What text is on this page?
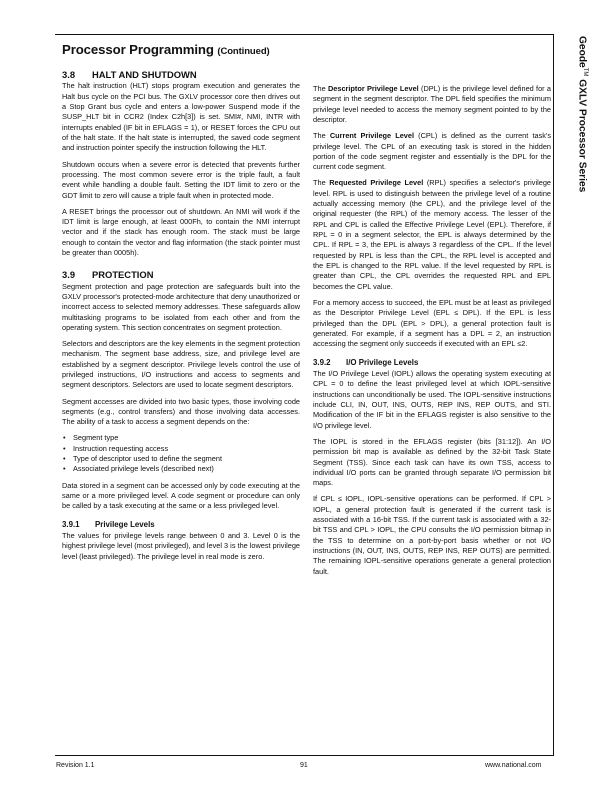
Processor Programming (Continued)	Geode™ GXLV Processor Series
3.8 HALT AND SHUTDOWN

The halt instruction (HLT) stops program execution and generates the Halt bus cycle on the PCI bus. The GXLV processor core then drives out a Stop Grant bus cycle and enters a low-power Suspend mode if the SUSP_HLT bit in CCR2 (Index C2h[3]) is set. SMI#, NMI, INTR with interrupts enabled (IF bit in EFLAGS = 1), or RESET forces the CPU out of the halt state. If the halt state is interrupted, the saved code segment and instruction pointer specify the instruction following the HLT.

Shutdown occurs when a severe error is detected that prevents further processing. The most common severe error is the triple fault, a fault event while handling a double fault. Setting the IDT limit to zero or the GDT limit to zero will cause a triple fault when in protected mode.

A RESET brings the processor out of shutdown. An NMI will work if the IDT limit is large enough, at least 000Fh, to contain the NMI interrupt vector and if the stack has enough room. The stack must be large enough to contain the vector and flag information (the stack pointer must be greater than 0005h).

3.9 PROTECTION

Segment protection and page protection are safeguards built into the GXLV processor's protected-mode architecture that deny unauthorized or incorrect access to selected memory addresses. These safeguards allow multitasking programs to be isolated from each other and from the operating system. This section concentrates on segment protection.

Selectors and descriptors are the key elements in the segment protection mechanism. The segment base address, size, and privilege level are established by a segment descriptor. Privilege levels control the use of privileged instructions, I/O instructions and access to segments and segment descriptors. Selectors are used to locate segment descriptors.

Segment accesses are divided into two basic types, those involving code segments (e.g., control transfers) and those involving data accesses. The ability of a task to access a segment depends on the:

• Segment type
• Instruction requesting access
• Type of descriptor used to define the segment
• Associated privilege levels (described next)

Data stored in a segment can be accessed only by code executing at the same or a more privileged level. A code segment or procedure can only be called by a task executing at the same or a less privileged level.

3.9.1 Privilege Levels

The values for privilege levels range between 0 and 3. Level 0 is the highest privilege level (most privileged), and level 3 is the lowest privilege level (least privileged). The privilege level in real mode is zero.

The Descriptor Privilege Level (DPL) is the privilege level defined for a segment in the segment descriptor. The DPL field specifies the minimum privilege level needed to access the memory segment pointed to by the descriptor.

The Current Privilege Level (CPL) is defined as the current task's privilege level. The CPL of an executing task is stored in the hidden portion of the code segment register and essentially is the DPL for the current code segment.

The Requested Privilege Level (RPL) specifies a selector's privilege level. RPL is used to distinguish between the privilege level of a routine actually accessing memory (the CPL), and the privilege level of the original requester (the RPL) of the memory access. The lesser of the RPL and CPL is called the Effective Privilege Level (EPL). Therefore, if RPL = 0 in a segment selector, the EPL is always determined by the CPL. If RPL = 3, the EPL is always 3 regardless of the CPL. If the level requested by RPL is less than the CPL, the RPL level is accepted and the EPL is changed to the RPL value. If the level requested by RPL is greater than CPL, the CPL overrides the requested RPL and EPL becomes the CPL value.

For a memory access to succeed, the EPL must be at least as privileged as the Descriptor Privilege Level (EPL ≤ DPL). If the EPL is less privileged than the DPL (EPL > DPL), a general protection fault is generated. For example, if a segment has a DPL = 2, an instruction accessing the segment only succeeds if executed with an EPL ≤2.

3.9.2 I/O Privilege Levels

The I/O Privilege Level (IOPL) allows the operating system executing at CPL = 0 to define the least privileged level at which IOPL-sensitive instructions can unconditionally be used. The IOPL-sensitive instructions include CLI, IN, OUT, INS, OUTS, REP INS, REP OUTS, and STI. Modification of the IF bit in the EFLAGS register is also sensitive to the I/O privilege level.

The IOPL is stored in the EFLAGS register (bits [31:12]). An I/O permission bit map is available as defined by the 32-bit Task State Segment (TSS). Since each task can have its own TSS, access to individual I/O ports can be granted through separate I/O permission bit maps.

If CPL ≤ IOPL, IOPL-sensitive operations can be performed. If CPL > IOPL, a general protection fault is generated if the current task is associated with a 16-bit TSS. If the current task is associated with a 32-bit TSS and CPL > IOPL, the CPU consults the I/O permission bitmap in the TSS to determine on a port-by-port basis whether or not I/O instructions (IN, OUT, INS, OUTS, REP INS, REP OUTS) are permitted. The remaining IOPL-sensitive operations generate a general protection fault.

Revision 1.1	91	www.national.com
